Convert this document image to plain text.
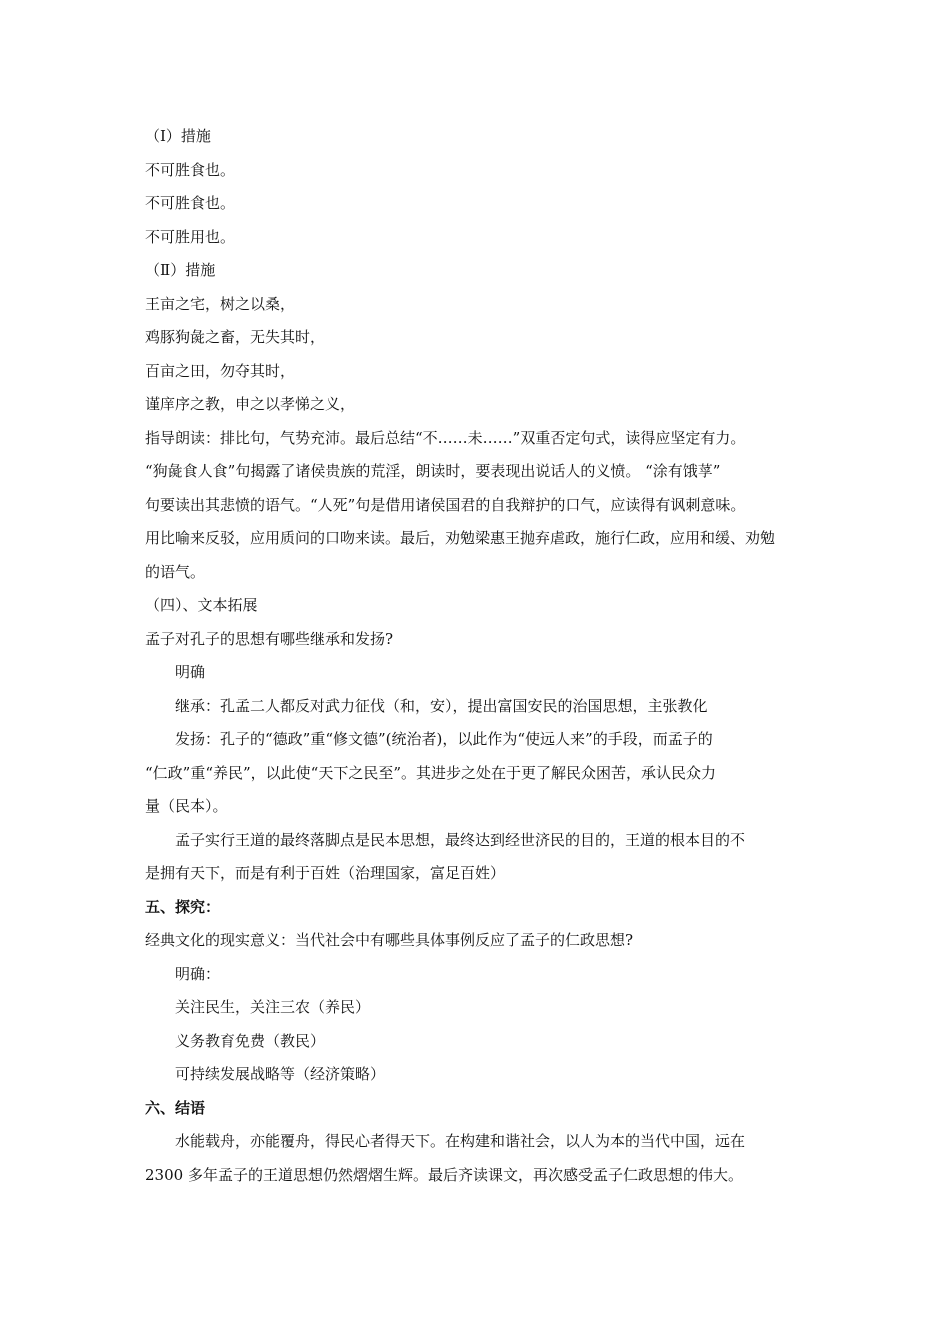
（Ⅰ）措施
不可胜食也。
不可胜食也。
不可胜用也。
（Ⅱ）措施
王亩之宅，树之以桑，
鸡豚狗彘之畜，无失其时，
百亩之田，勿夺其时，
谨庠序之教，申之以孝悌之义，
指导朗读：排比句，气势充沛。最后总结“不……未……”双重否定句式，读得应坚定有力。
“狗彘食人食”句揭露了诸侯贵族的荒淫，朗读时，要表现出说话人的义愤。 “涂有饿莩”
句要读出其悲愤的语气。“人死”句是借用诸侯国君的自我辩护的口气，应读得有讽刺意味。
用比喻来反驳，应用质问的口吻来读。最后，劝勉梁惠王抛弃虐政，施行仁政，应用和缓、劝勉
的语气。
（四）、文本拓展
孟子对孔子的思想有哪些继承和发扬?
明确
继承：孔孟二人都反对武力征伐（和，安），提出富国安民的治国思想，主张教化
发扬：孔子的“德政”重“修文德”(统治者)，以此作为“使远人来”的手段，而孟子的
“仁政”重“养民”，以此使“天下之民至”。其进步之处在于更了解民众困苦，承认民众力
量（民本）。
孟子实行王道的最终落脚点是民本思想，最终达到经世济民的目的，王道的根本目的不
是拥有天下，而是有利于百姓（治理国家，富足百姓）
五、探究：
经典文化的现实意义：当代社会中有哪些具体事例反应了孟子的仁政思想?
明确：
关注民生，关注三农（养民）
义务教育免费（教民）
可持续发展战略等（经济策略）
六、结语
水能载舟，亦能覆舟，得民心者得天下。在构建和谐社会，以人为本的当代中国，远在
2300 多年孟子的王道思想仍然熠熠生辉。最后齐读课文，再次感受孟子仁政思想的伟大。
